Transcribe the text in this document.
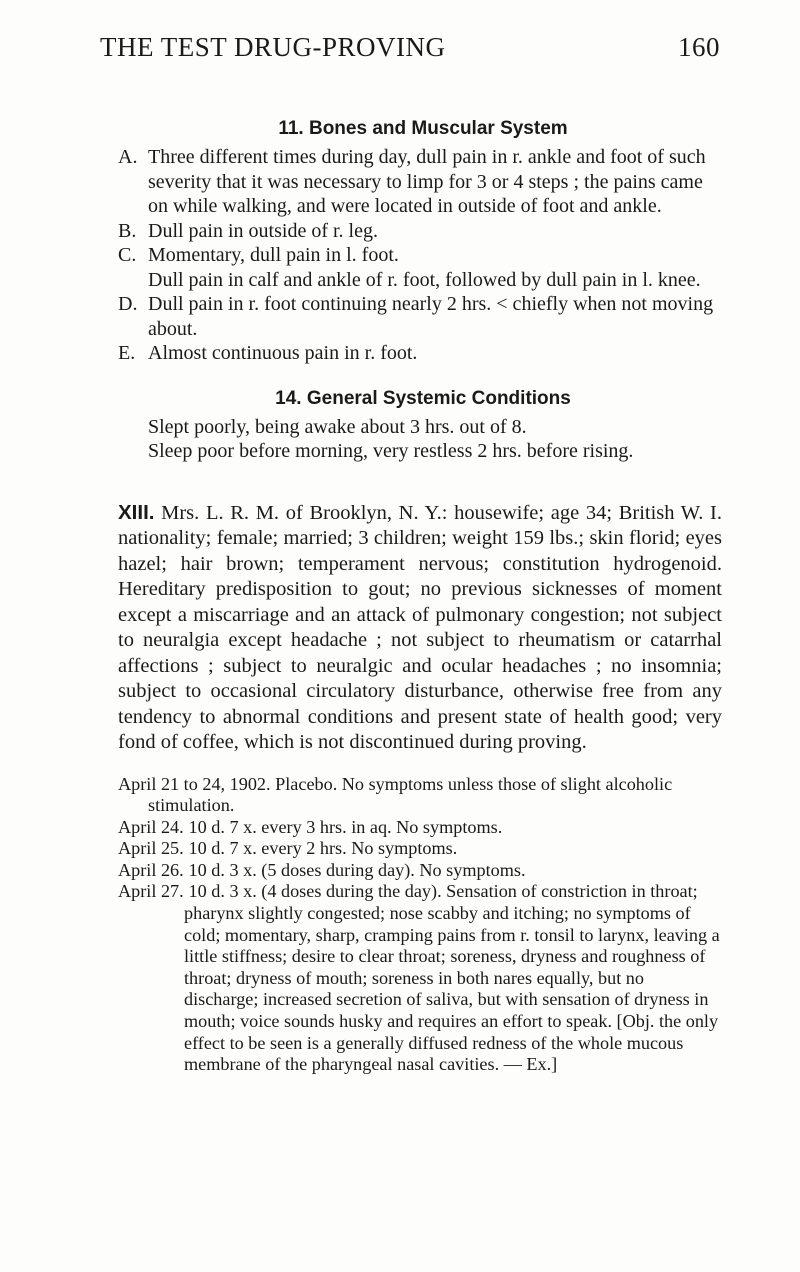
THE TEST DRUG-PROVING	160
11. Bones and Muscular System
A. Three different times during day, dull pain in r. ankle and foot of such severity that it was necessary to limp for 3 or 4 steps ; the pains came on while walking, and were located in outside of foot and ankle.
B. Dull pain in outside of r. leg.
C. Momentary, dull pain in l. foot.
Dull pain in calf and ankle of r. foot, followed by dull pain in l. knee.
D. Dull pain in r. foot continuing nearly 2 hrs. < chiefly when not moving about.
E. Almost continuous pain in r. foot.
14. General Systemic Conditions
Slept poorly, being awake about 3 hrs. out of 8.
Sleep poor before morning, very restless 2 hrs. before rising.
XIII. Mrs. L. R. M. of Brooklyn, N. Y.: housewife; age 34; British W. I. nationality; female; married; 3 children; weight 159 lbs.; skin florid; eyes hazel; hair brown; temperament nervous; constitution hydrogenoid. Hereditary predisposition to gout; no previous sicknesses of moment except a miscarriage and an attack of pulmonary congestion; not subject to neuralgia except headache ; not subject to rheumatism or catarrhal affections ; subject to neuralgic and ocular headaches ; no insomnia; subject to occasional circulatory disturbance, otherwise free from any tendency to abnormal conditions and present state of health good; very fond of coffee, which is not discontinued during proving.
April 21 to 24, 1902. Placebo. No symptoms unless those of slight alcoholic stimulation.
April 24. 10 d. 7 x. every 3 hrs. in aq. No symptoms.
April 25. 10 d. 7 x. every 2 hrs. No symptoms.
April 26. 10 d. 3 x. (5 doses during day). No symptoms.
April 27. 10 d. 3 x. (4 doses during the day). Sensation of constriction in throat; pharynx slightly congested; nose scabby and itching; no symptoms of cold; momentary, sharp, cramping pains from r. tonsil to larynx, leaving a little stiffness; desire to clear throat; soreness, dryness and roughness of throat; dryness of mouth; soreness in both nares equally, but no discharge; increased secretion of saliva, but with sensation of dryness in mouth; voice sounds husky and requires an effort to speak. [Obj. the only effect to be seen is a generally diffused redness of the whole mucous membrane of the pharyngeal nasal cavities. — Ex.]
